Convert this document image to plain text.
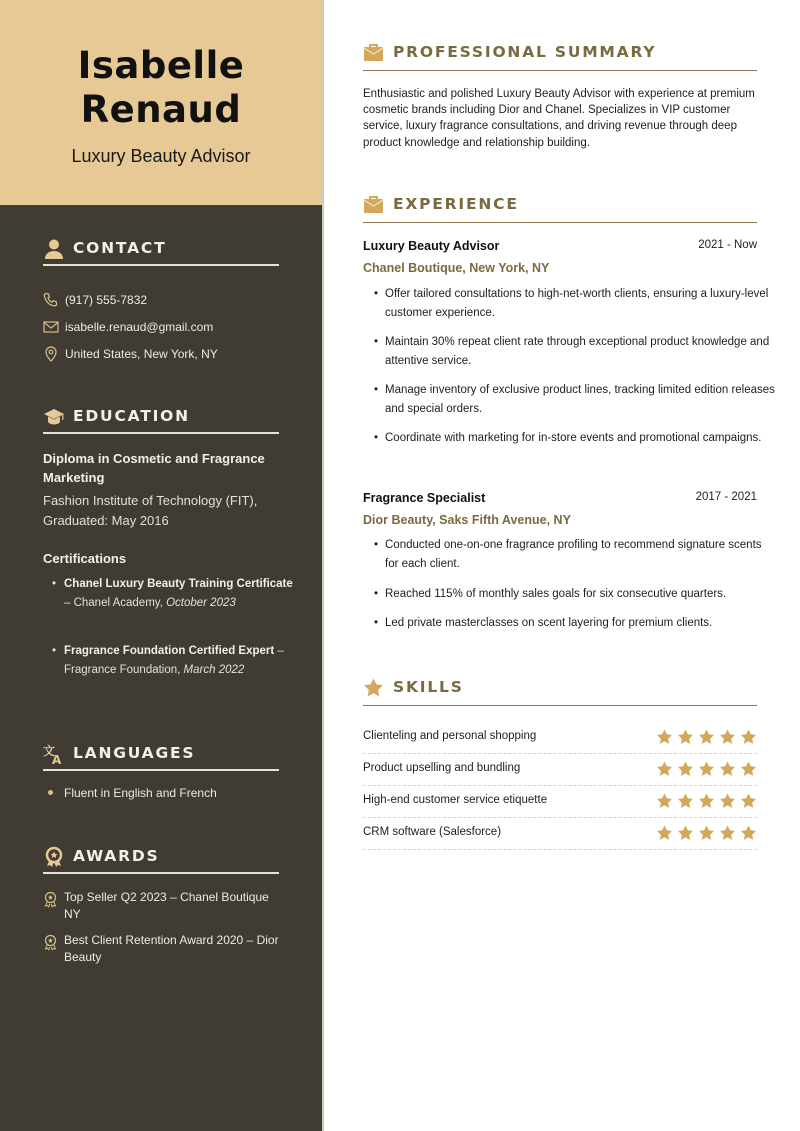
Isabelle
Renaud
Luxury Beauty Advisor
CONTACT
(917) 555-7832
isabelle.renaud@gmail.com
United States, New York, NY
EDUCATION
Diploma in Cosmetic and Fragrance Marketing
Fashion Institute of Technology (FIT), Graduated: May 2016
Certifications
• Chanel Luxury Beauty Training Certificate – Chanel Academy, October 2023
• Fragrance Foundation Certified Expert – Fragrance Foundation, March 2022
文
A LANGUAGES
Fluent in English and French
AWARDS
Top Seller Q2 2023 – Chanel Boutique NY
Best Client Retention Award 2020 – Dior Beauty
PROFESSIONAL SUMMARY
Enthusiastic and polished Luxury Beauty Advisor with experience at premium cosmetic brands including Dior and Chanel. Specializes in VIP customer service, luxury fragrance consultations, and driving revenue through deep product knowledge and relationship building.
EXPERIENCE
Luxury Beauty Advisor	2021 - Now
Chanel Boutique, New York, NY
• Offer tailored consultations to high-net-worth clients, ensuring a luxury-level customer experience.
• Maintain 30% repeat client rate through exceptional product knowledge and attentive service.
• Manage inventory of exclusive product lines, tracking limited edition releases and special orders.
• Coordinate with marketing for in-store events and promotional campaigns.
Fragrance Specialist	2017 - 2021
Dior Beauty, Saks Fifth Avenue, NY
• Conducted one-on-one fragrance profiling to recommend signature scents for each client.
• Reached 115% of monthly sales goals for six consecutive quarters.
• Led private masterclasses on scent layering for premium clients.
SKILLS
Clienteling and personal shopping
Product upselling and bundling
High-end customer service etiquette
CRM software (Salesforce)
